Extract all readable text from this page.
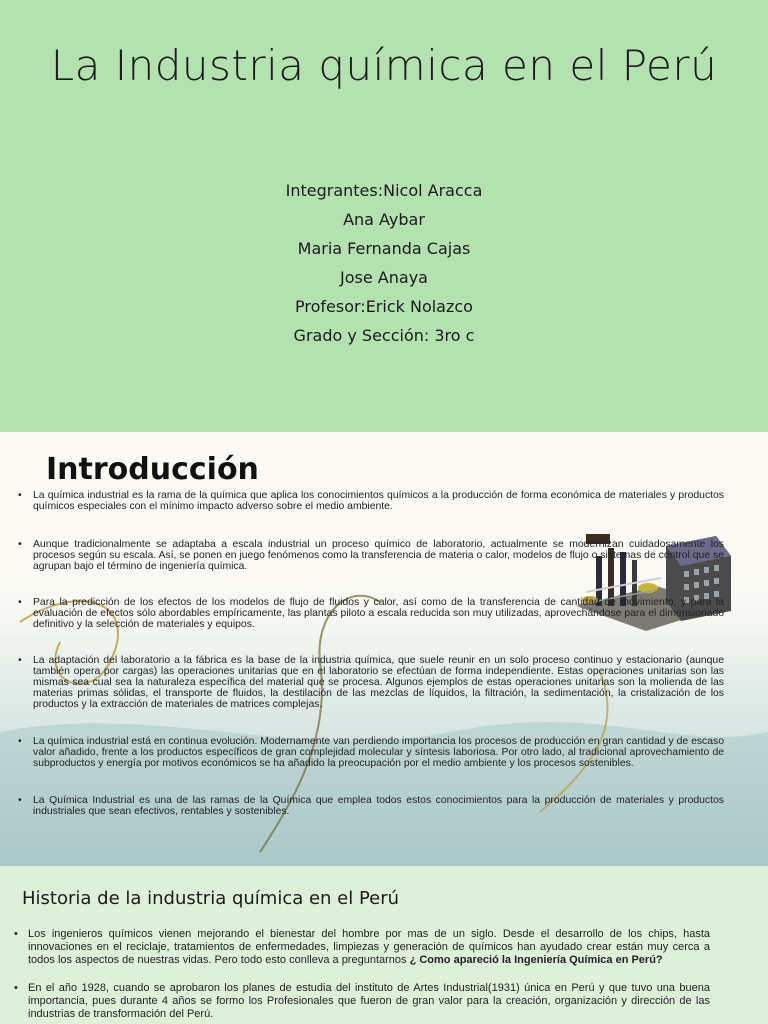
La Industria química en el Perú
Integrantes:Nicol Aracca
Ana Aybar
Maria Fernanda Cajas
Jose Anaya
Profesor:Erick Nolazco
Grado y Sección: 3ro c
Introducción
• La química industrial es la rama de la química que aplica los conocimientos químicos a la producción de forma económica de materiales y productos químicos especiales con el mínimo impacto adverso sobre el medio ambiente.
• Aunque tradicionalmente se adaptaba a escala industrial un proceso químico de laboratorio, actualmente se modernizan cuidadosamente los procesos según su escala. Así, se ponen en juego fenómenos como la transferencia de materia o calor, modelos de flujo o sistemas de control que se agrupan bajo el término de ingeniería química.
• Para la predicción de los efectos de los modelos de flujo de fluidos y calor, así como de la transferencia de cantidad de movimiento, y para la evaluación de efectos sólo abordables empíricamente, las plantas piloto a escala reducida son muy utilizadas, aprovechándose para el dimensionado definitivo y la selección de materiales y equipos.
• La adaptación del laboratorio a la fábrica es la base de la industria química, que suele reunir en un solo proceso continuo y estacionario (aunque también opera por cargas) las operaciones unitarias que en el laboratorio se efectúan de forma independiente. Estas operaciones unitarias son las mismas sea cual sea la naturaleza específica del material que se procesa. Algunos ejemplos de estas operaciones unitarias son la molienda de las materias primas sólidas, el transporte de fluidos, la destilación de las mezclas de líquidos, la filtración, la sedimentación, la cristalización de los productos y la extracción de materiales de matrices complejas.
• La química industrial está en continua evolución. Modernamente van perdiendo importancia los procesos de producción en gran cantidad y de escaso valor añadido, frente a los productos específicos de gran complejidad molecular y síntesis laboriosa. Por otro lado, al tradicional aprovechamiento de subproductos y energía por motivos económicos se ha añadido la preocupación por el medio ambiente y los procesos sostenibles.
• La Química Industrial es una de las ramas de la Química que emplea todos estos conocimientos para la producción de materiales y productos industriales que sean efectivos, rentables y sostenibles.
Historia de la industria química en el Perú
• Los ingenieros químicos vienen mejorando el bienestar del hombre por mas de un siglo. Desde el desarrollo de los chips, hasta innovaciones en el reciclaje, tratamientos de enfermedades, limpiezas y generación de químicos han ayudado crear están muy cerca a todos los aspectos de nuestras vidas. Pero todo esto conlleva a preguntarnos ¿ Como apareció la Ingeniería Química en Perú?
• En el año 1928, cuando se aprobaron los planes de estudia del instituto de Artes Industrial(1931) única en Perú y que tuvo una buena importancia, pues durante 4 años se formo los Profesionales que fueron de gran valor para la creación, organización y dirección de las industrias de transformación del Perú.
